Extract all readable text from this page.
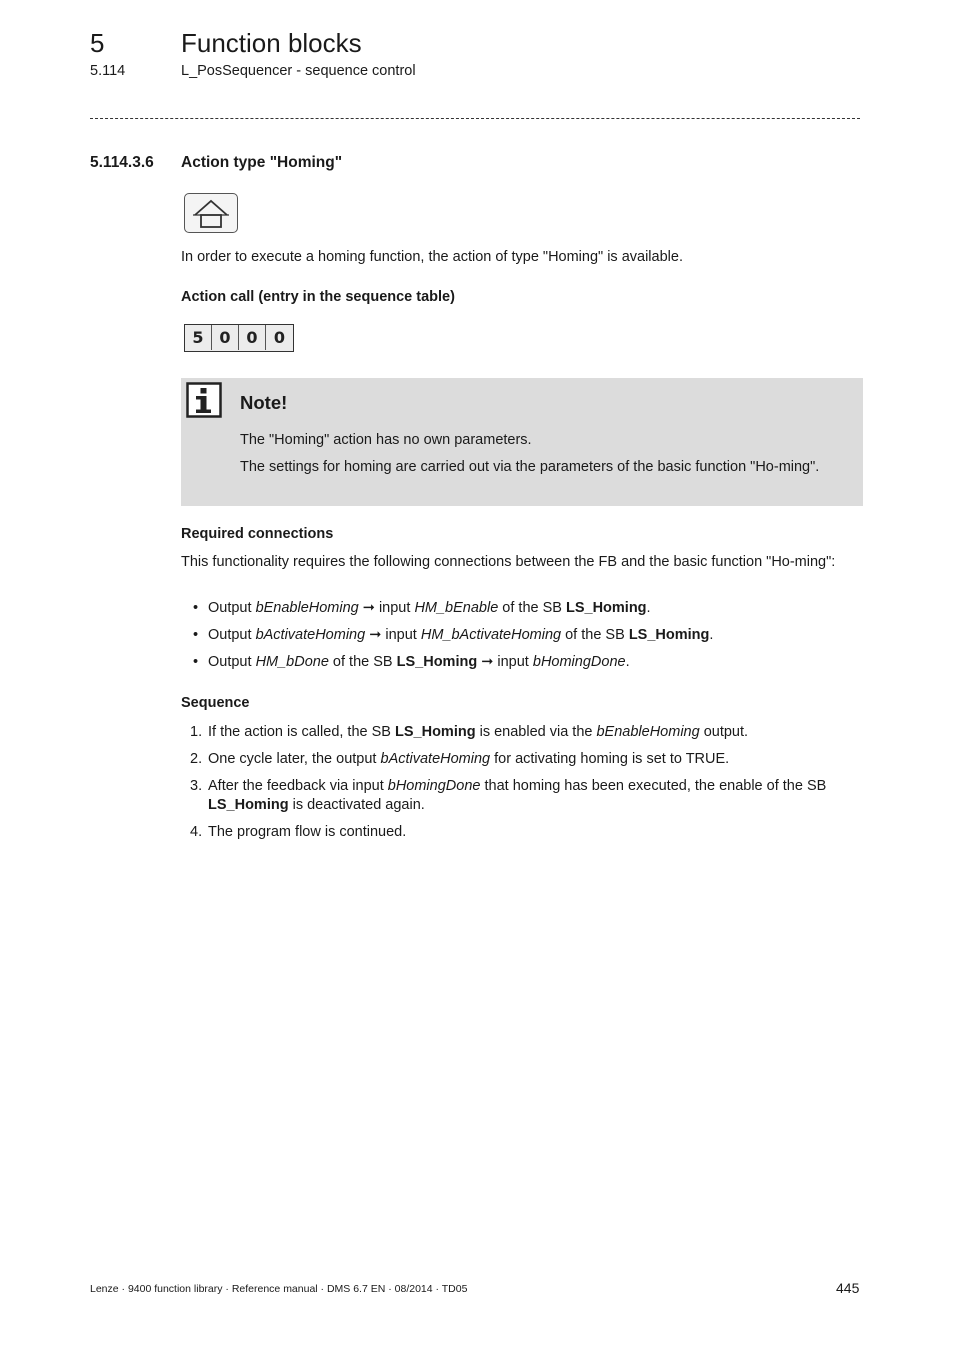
5	Function blocks
5.114	L_PosSequencer - sequence control
5.114.3.6 Action type "Homing"
In order to execute a homing function, the action of type "Homing" is available.
Action call (entry in the sequence table)
5 0 0	0
Note!
The "Homing" action has no own parameters.
The settings for homing are carried out via the parameters of the basic function "Ho-ming".
Required connections
This functionality requires the following connections between the FB and the basic function "Ho-ming":
• Output bEnableHoming ➞ input HM_bEnable of the SB LS_Homing.
• Output bActivateHoming ➞ input HM_bActivateHoming of the SB LS_Homing.
• Output HM_bDone of the SB LS_Homing ➞ input bHomingDone.
Sequence
1. If the action is called, the SB LS_Homing is enabled via the bEnableHoming output.
2. One cycle later, the output bActivateHoming for activating homing is set to TRUE.
3. After the feedback via input bHomingDone that homing has been executed, the enable of the SB LS_Homing is deactivated again.
4. The program flow is continued.
Lenze · 9400 function library · Reference manual · DMS 6.7 EN · 08/2014 · TD05	445
